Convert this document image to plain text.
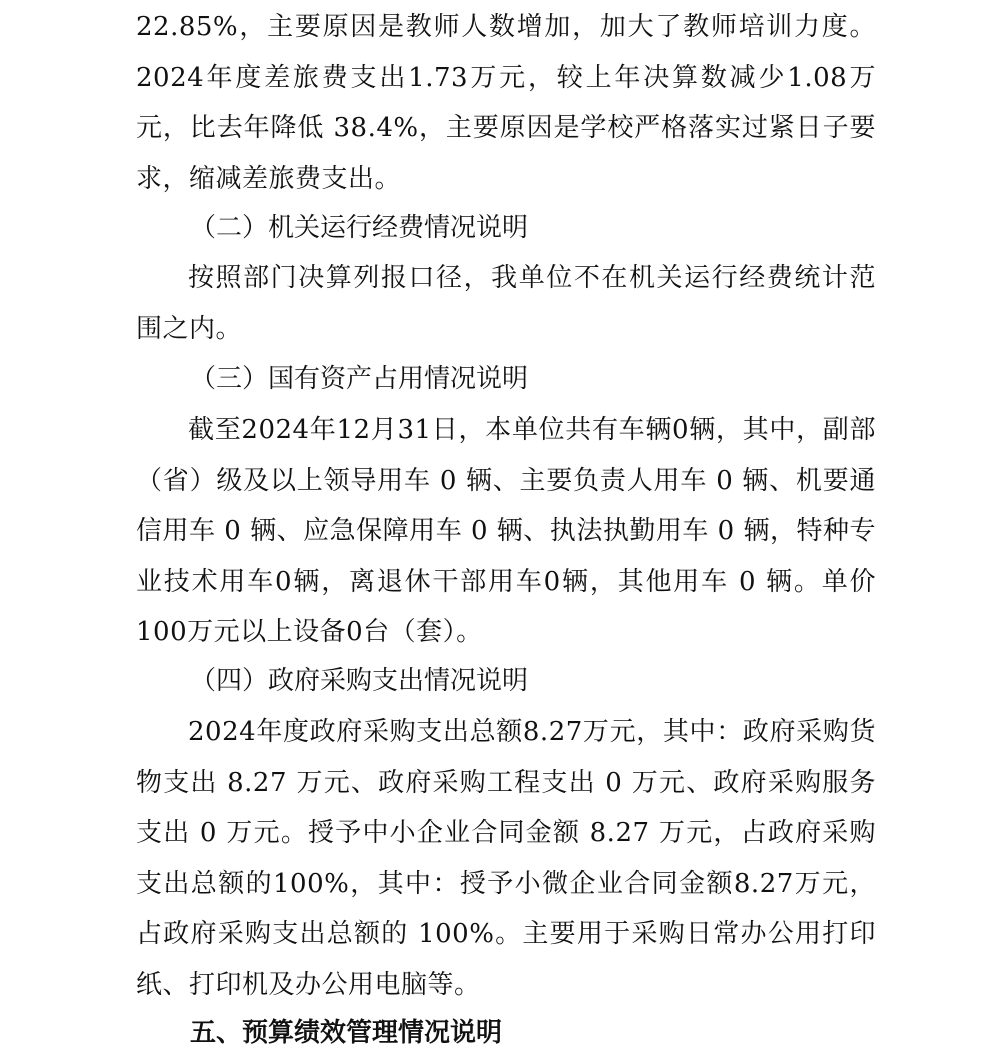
22.85%，主要原因是教师人数增加，加大了教师培训力度。2024年度差旅费支出1.73万元，较上年决算数减少1.08万元，比去年降低 38.4%，主要原因是学校严格落实过紧日子要求，缩减差旅费支出。

（二）机关运行经费情况说明

按照部门决算列报口径，我单位不在机关运行经费统计范围之内。

（三）国有资产占用情况说明

截至2024年12月31日，本单位共有车辆0辆，其中，副部（省）级及以上领导用车 0 辆、主要负责人用车 0 辆、机要通信用车 0 辆、应急保障用车 0 辆、执法执勤用车 0 辆，特种专业技术用车0辆，离退休干部用车0辆，其他用车 0 辆。单价100万元以上设备0台（套）。

（四）政府采购支出情况说明

2024年度政府采购支出总额8.27万元，其中：政府采购货物支出 8.27 万元、政府采购工程支出 0 万元、政府采购服务支出 0 万元。授予中小企业合同金额 8.27 万元，占政府采购支出总额的100%，其中：授予小微企业合同金额8.27万元，占政府采购支出总额的 100%。主要用于采购日常办公用打印纸、打印机及办公用电脑等。

五、预算绩效管理情况说明
